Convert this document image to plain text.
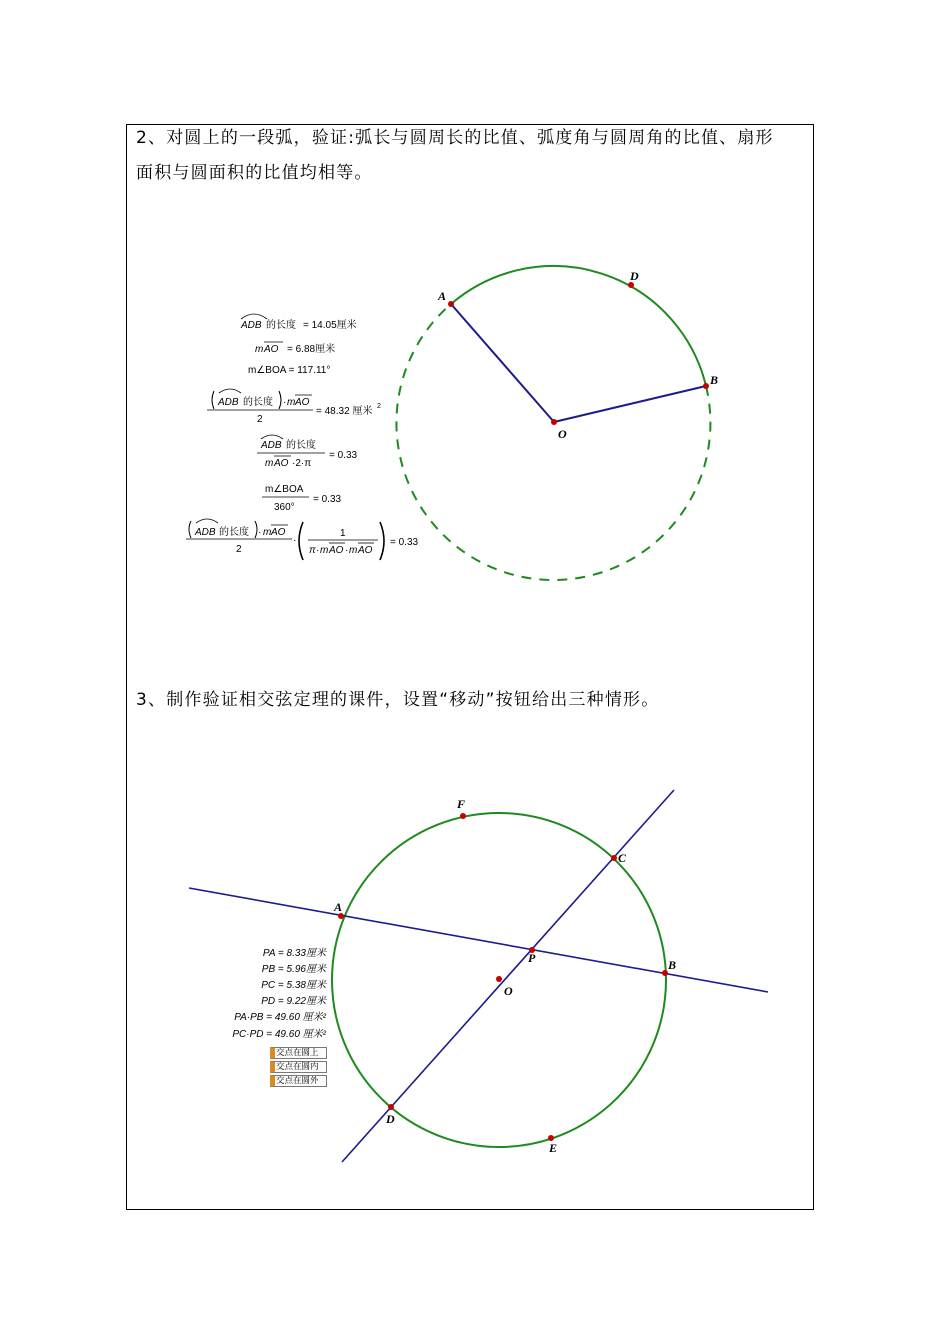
2、对圆上的一段弧，验证:弧长与圆周长的比值、弧度角与圆周角的比值、扇形
面积与圆面积的比值均相等。
3、制作验证相交弦定理的课件，设置“移动”按钮给出三种情形。
A
D
B
O
ADB 的长度 = 14.05厘米
m AO = 6.88厘米
m∠BOA = 117.11°
ADB 的长度 · m AO
2
= 48.32 厘米 2
ADB 的长度
m AO ·2·π
= 0.33
m∠BOA
360°
= 0.33
ADB 的长度 · m AO
2
·
1
π · m AO · m AO
= 0.33
F
C
A
P	B
O
D
E
PA = 8.33厘米
PB = 5.96厘米
PC = 5.38厘米
PD = 9.22厘米
PA·PB = 49.60 厘米²
PC·PD = 49.60 厘米²
交点在圆上
交点在圆内
交点在圆外
